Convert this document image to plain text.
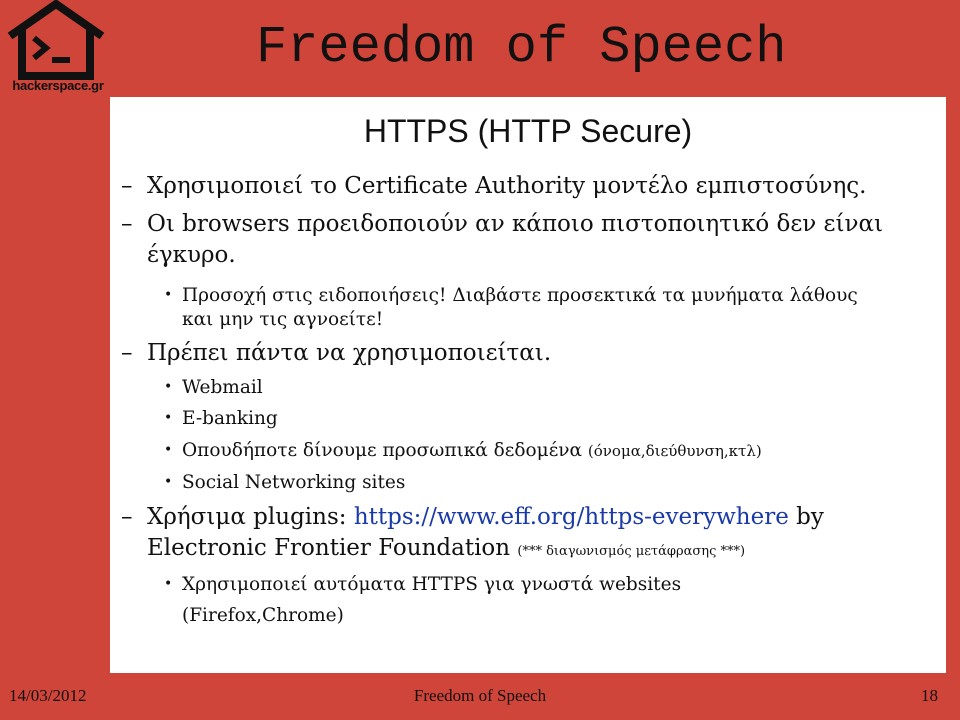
hackerspace.gr
Freedom of Speech
HTTPS (HTTP Secure)
– Χρησιμοποιεί το Certificate Authority μοντέλο εμπιστοσύνης.
– Οι browsers προειδοποιούν αν κάποιο πιστοποιητικό δεν είναι
έγκυρο.
• Προσοχή στις ειδοποιήσεις! Διαβάστε προσεκτικά τα μυνήματα λάθους
και μην τις αγνοείτε!
– Πρέπει πάντα να χρησιμοποιείται.
• Webmail
• E-banking
• Οπουδήποτε δίνουμε προσωπικά δεδομένα (όνομα,διεύθυνση,κτλ)
• Social Networking sites
– Χρήσιμα plugins: https://www.eff.org/https-everywhere by
Electronic Frontier Foundation (*** διαγωνισμός μετάφρασης ***)
• Χρησιμοποιεί αυτόματα HTTPS για γνωστά websites
(Firefox,Chrome)
14/03/2012	Freedom of Speech	18
